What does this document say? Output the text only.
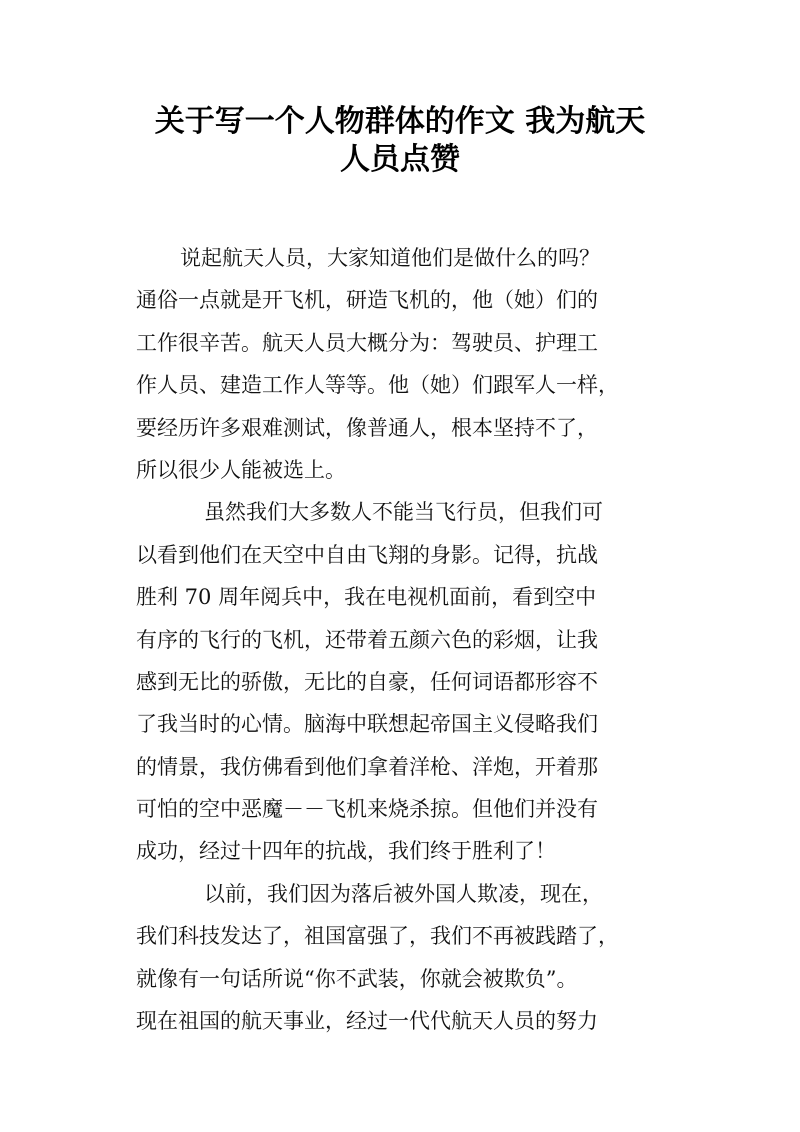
关于写一个人物群体的作文 我为航天
人员点赞
说起航天人员，大家知道他们是做什么的吗？
通俗一点就是开飞机，研造飞机的，他（她）们的
工作很辛苦。航天人员大概分为：驾驶员、护理工
作人员、建造工作人等等。他（她）们跟军人一样，
要经历许多艰难测试，像普通人，根本坚持不了，
所以很少人能被选上。
虽然我们大多数人不能当飞行员，但我们可
以看到他们在天空中自由飞翔的身影。记得，抗战
胜利 70 周年阅兵中，我在电视机面前，看到空中
有序的飞行的飞机，还带着五颜六色的彩烟，让我
感到无比的骄傲，无比的自豪，任何词语都形容不
了我当时的心情。脑海中联想起帝国主义侵略我们
的情景，我仿佛看到他们拿着洋枪、洋炮，开着那
可怕的空中恶魔－－飞机来烧杀掠。但他们并没有
成功，经过十四年的抗战，我们终于胜利了！
以前，我们因为落后被外国人欺凌，现在，
我们科技发达了，祖国富强了，我们不再被践踏了，
就像有一句话所说“你不武装，你就会被欺负”。
现在祖国的航天事业，经过一代代航天人员的努力
